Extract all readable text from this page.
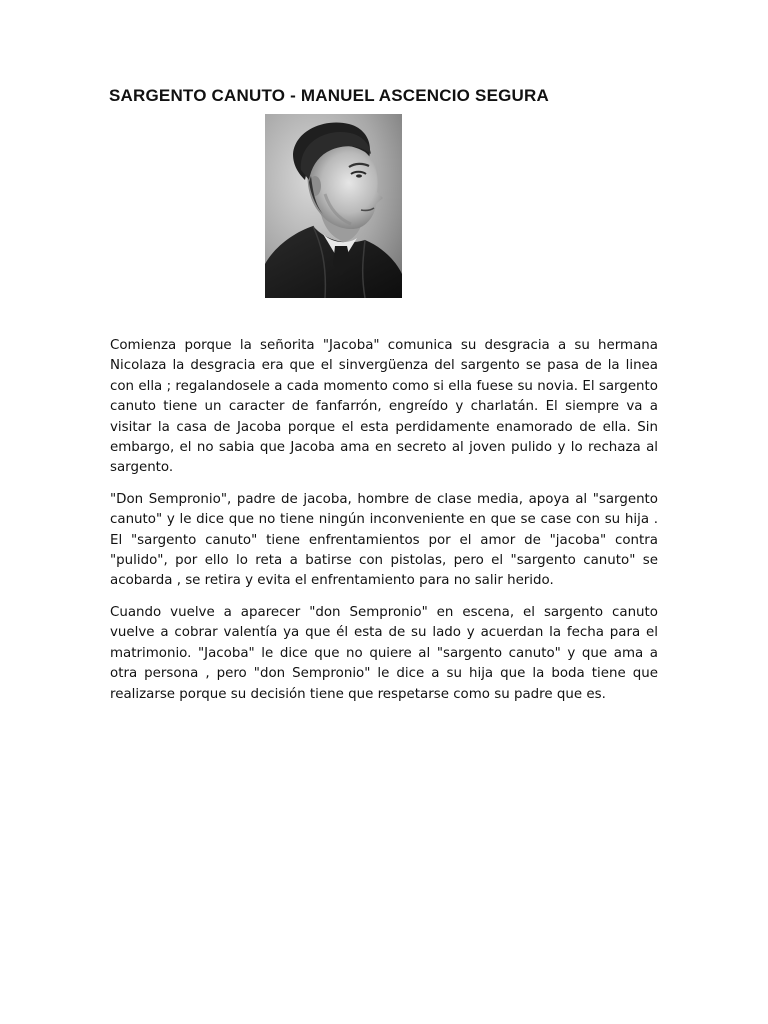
SARGENTO CANUTO - MANUEL ASCENCIO SEGURA

Comienza porque la señorita "Jacoba" comunica su desgracia a su hermana Nicolaza la desgracia era que el sinvergüenza del sargento se pasa de la linea con ella ; regalandosele a cada momento como si ella fuese su novia. El sargento canuto tiene un caracter de fanfarrón, engreído y charlatán. El siempre va a visitar la casa de Jacoba porque el esta perdidamente enamorado de ella. Sin embargo, el no sabia que Jacoba ama en secreto al joven pulido y lo rechaza al sargento.

"Don Sempronio", padre de jacoba, hombre de clase media, apoya al "sargento canuto" y le dice que no tiene ningún inconveniente en que se case con su hija . El "sargento canuto" tiene enfrentamientos por el amor de "jacoba" contra "pulido", por ello lo reta a batirse con pistolas, pero el "sargento canuto" se acobarda , se retira y evita el enfrentamiento para no salir herido.

Cuando vuelve a aparecer "don Sempronio" en escena, el sargento canuto vuelve a cobrar valentía ya que él esta de su lado y acuerdan la fecha para el matrimonio. "Jacoba" le dice que no quiere al "sargento canuto" y que ama a otra persona , pero "don Sempronio" le dice a su hija que la boda tiene que realizarse porque su decisión tiene que respetarse como su padre que es.
